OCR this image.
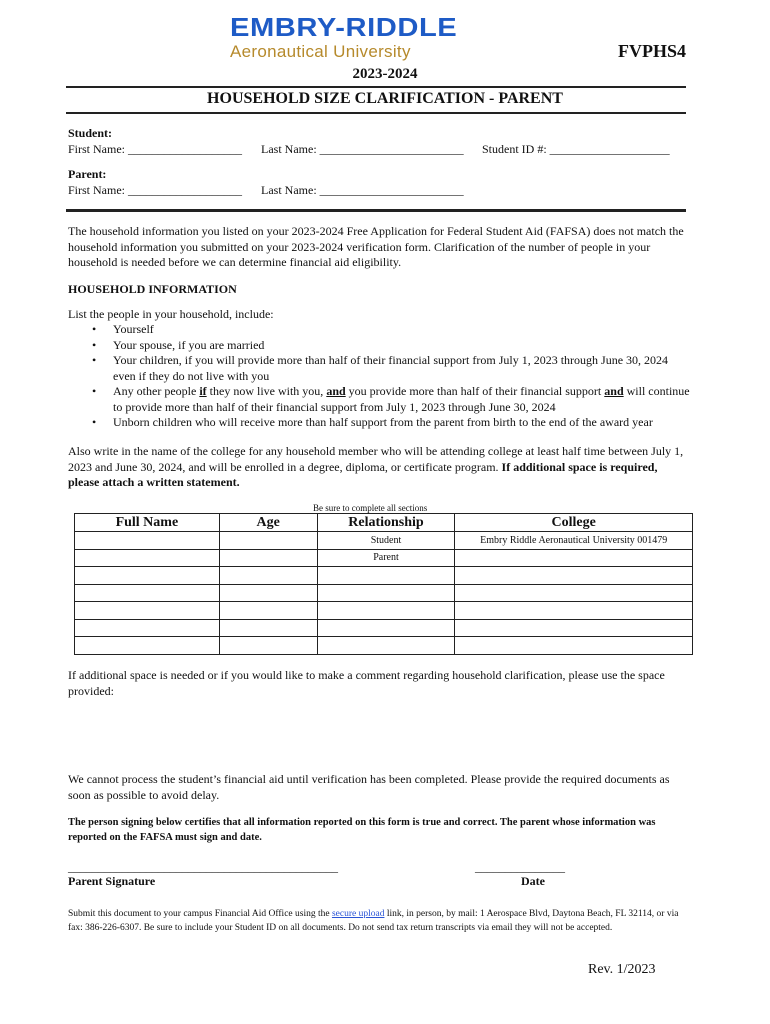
EMBRY-RIDDLE
Aeronautical University	FVPHS4
2023-2024
HOUSEHOLD SIZE CLARIFICATION - PARENT
Student:
First Name: ___________________ Last Name: ________________________ Student ID #: ____________________
Parent:
First Name: ___________________ Last Name: ________________________
The household information you listed on your 2023-2024 Free Application for Federal Student Aid (FAFSA) does not match the household information you submitted on your 2023-2024 verification form. Clarification of the number of people in your household is needed before we can determine financial aid eligibility.
HOUSEHOLD INFORMATION
List the people in your household, include:
• Yourself
• Your spouse, if you are married
• Your children, if you will provide more than half of their financial support from July 1, 2023 through June 30, 2024 even if they do not live with you
• Any other people if they now live with you, and you provide more than half of their financial support and will continue to provide more than half of their financial support from July 1, 2023 through June 30, 2024
• Unborn children who will receive more than half support from the parent from birth to the end of the award year
Also write in the name of the college for any household member who will be attending college at least half time between July 1, 2023 and June 30, 2024, and will be enrolled in a degree, diploma, or certificate program. If additional space is required, please attach a written statement.
Be sure to complete all sections
Full Name	Age	Relationship	College
		Student	Embry Riddle Aeronautical University 001479
		Parent	

If additional space is needed or if you would like to make a comment regarding household clarification, please use the space provided:
We cannot process the student’s financial aid until verification has been completed. Please provide the required documents as soon as possible to avoid delay.
The person signing below certifies that all information reported on this form is true and correct. The parent whose information was reported on the FAFSA must sign and date.
_____________________________________________
Parent Signature
_______________
Date
Submit this document to your campus Financial Aid Office using the secure upload link, in person, by mail: 1 Aerospace Blvd, Daytona Beach, FL 32114, or via fax: 386-226-6307. Be sure to include your Student ID on all documents. Do not send tax return transcripts via email they will not be accepted.
Rev. 1/2023
